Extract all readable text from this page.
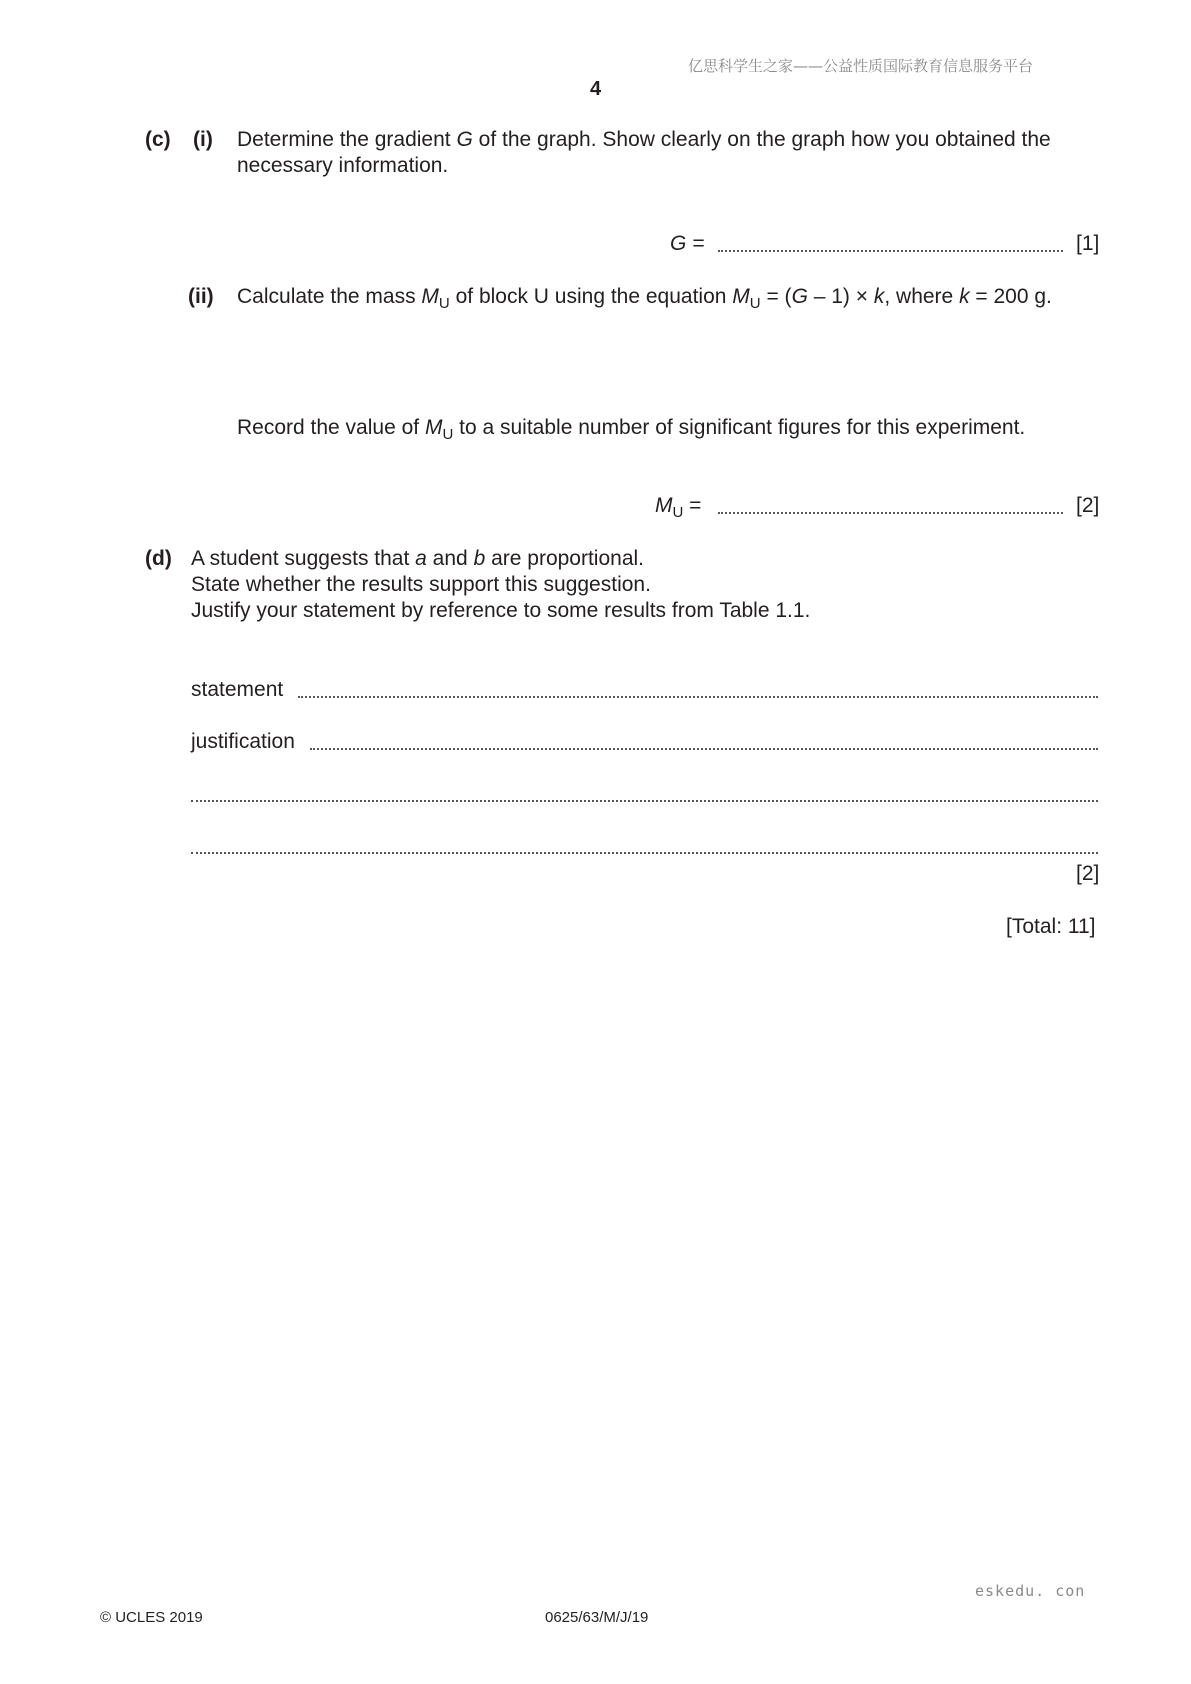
亿思科学生之家——公益性质国际教育信息服务平台
4
(c) (i) Determine the gradient G of the graph. Show clearly on the graph how you obtained the
necessary information.
G =	[1]
(ii) Calculate the mass $M_U$ of block U using the equation $M_U = (G - 1) \times k$, where k = 200 g.
Record the value of $M_U$ to a suitable number of significant figures for this experiment.
$M_U$ =	[2]
(d) A student suggests that a and b are proportional.
State whether the results support this suggestion.
Justify your statement by reference to some results from Table 1.1.
statement
justification
[2]
[Total: 11]
eskedu. con
© UCLES 2019	0625/63/M/J/19
